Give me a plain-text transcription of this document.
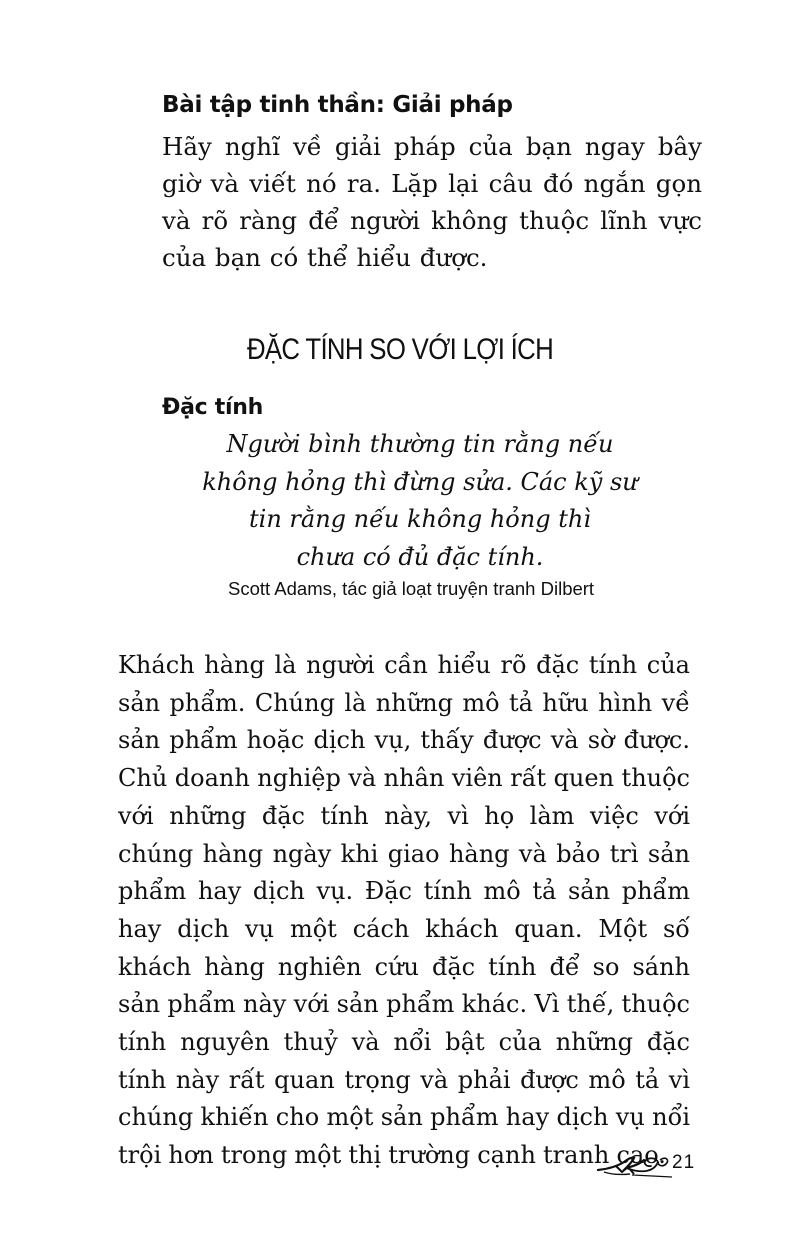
Bài tập tinh thần: Giải pháp

Hãy nghĩ về giải pháp của bạn ngay bây giờ và viết nó ra. Lặp lại câu đó ngắn gọn và rõ ràng để người không thuộc lĩnh vực của bạn có thể hiểu được.

ĐẶC TÍNH SO VỚI LỢI ÍCH
Đặc tính

Người bình thường tin rằng nếu
không hỏng thì đừng sửa. Các kỹ sư
tin rằng nếu không hỏng thì
chưa có đủ đặc tính.

Scott Adams, tác giả loạt truyện tranh Dilbert

Khách hàng là người cần hiểu rõ đặc tính của sản phẩm. Chúng là những mô tả hữu hình về sản phẩm hoặc dịch vụ, thấy được và sờ được. Chủ doanh nghiệp và nhân viên rất quen thuộc với những đặc tính này, vì họ làm việc với chúng hàng ngày khi giao hàng và bảo trì sản phẩm hay dịch vụ. Đặc tính mô tả sản phẩm hay dịch vụ một cách khách quan. Một số khách hàng nghiên cứu đặc tính để so sánh sản phẩm này với sản phẩm khác. Vì thế, thuộc tính nguyên thuỷ và nổi bật của những đặc tính này rất quan trọng và phải được mô tả vì chúng khiến cho một sản phẩm hay dịch vụ nổi trội hơn trong một thị trường cạnh tranh cao. 21
